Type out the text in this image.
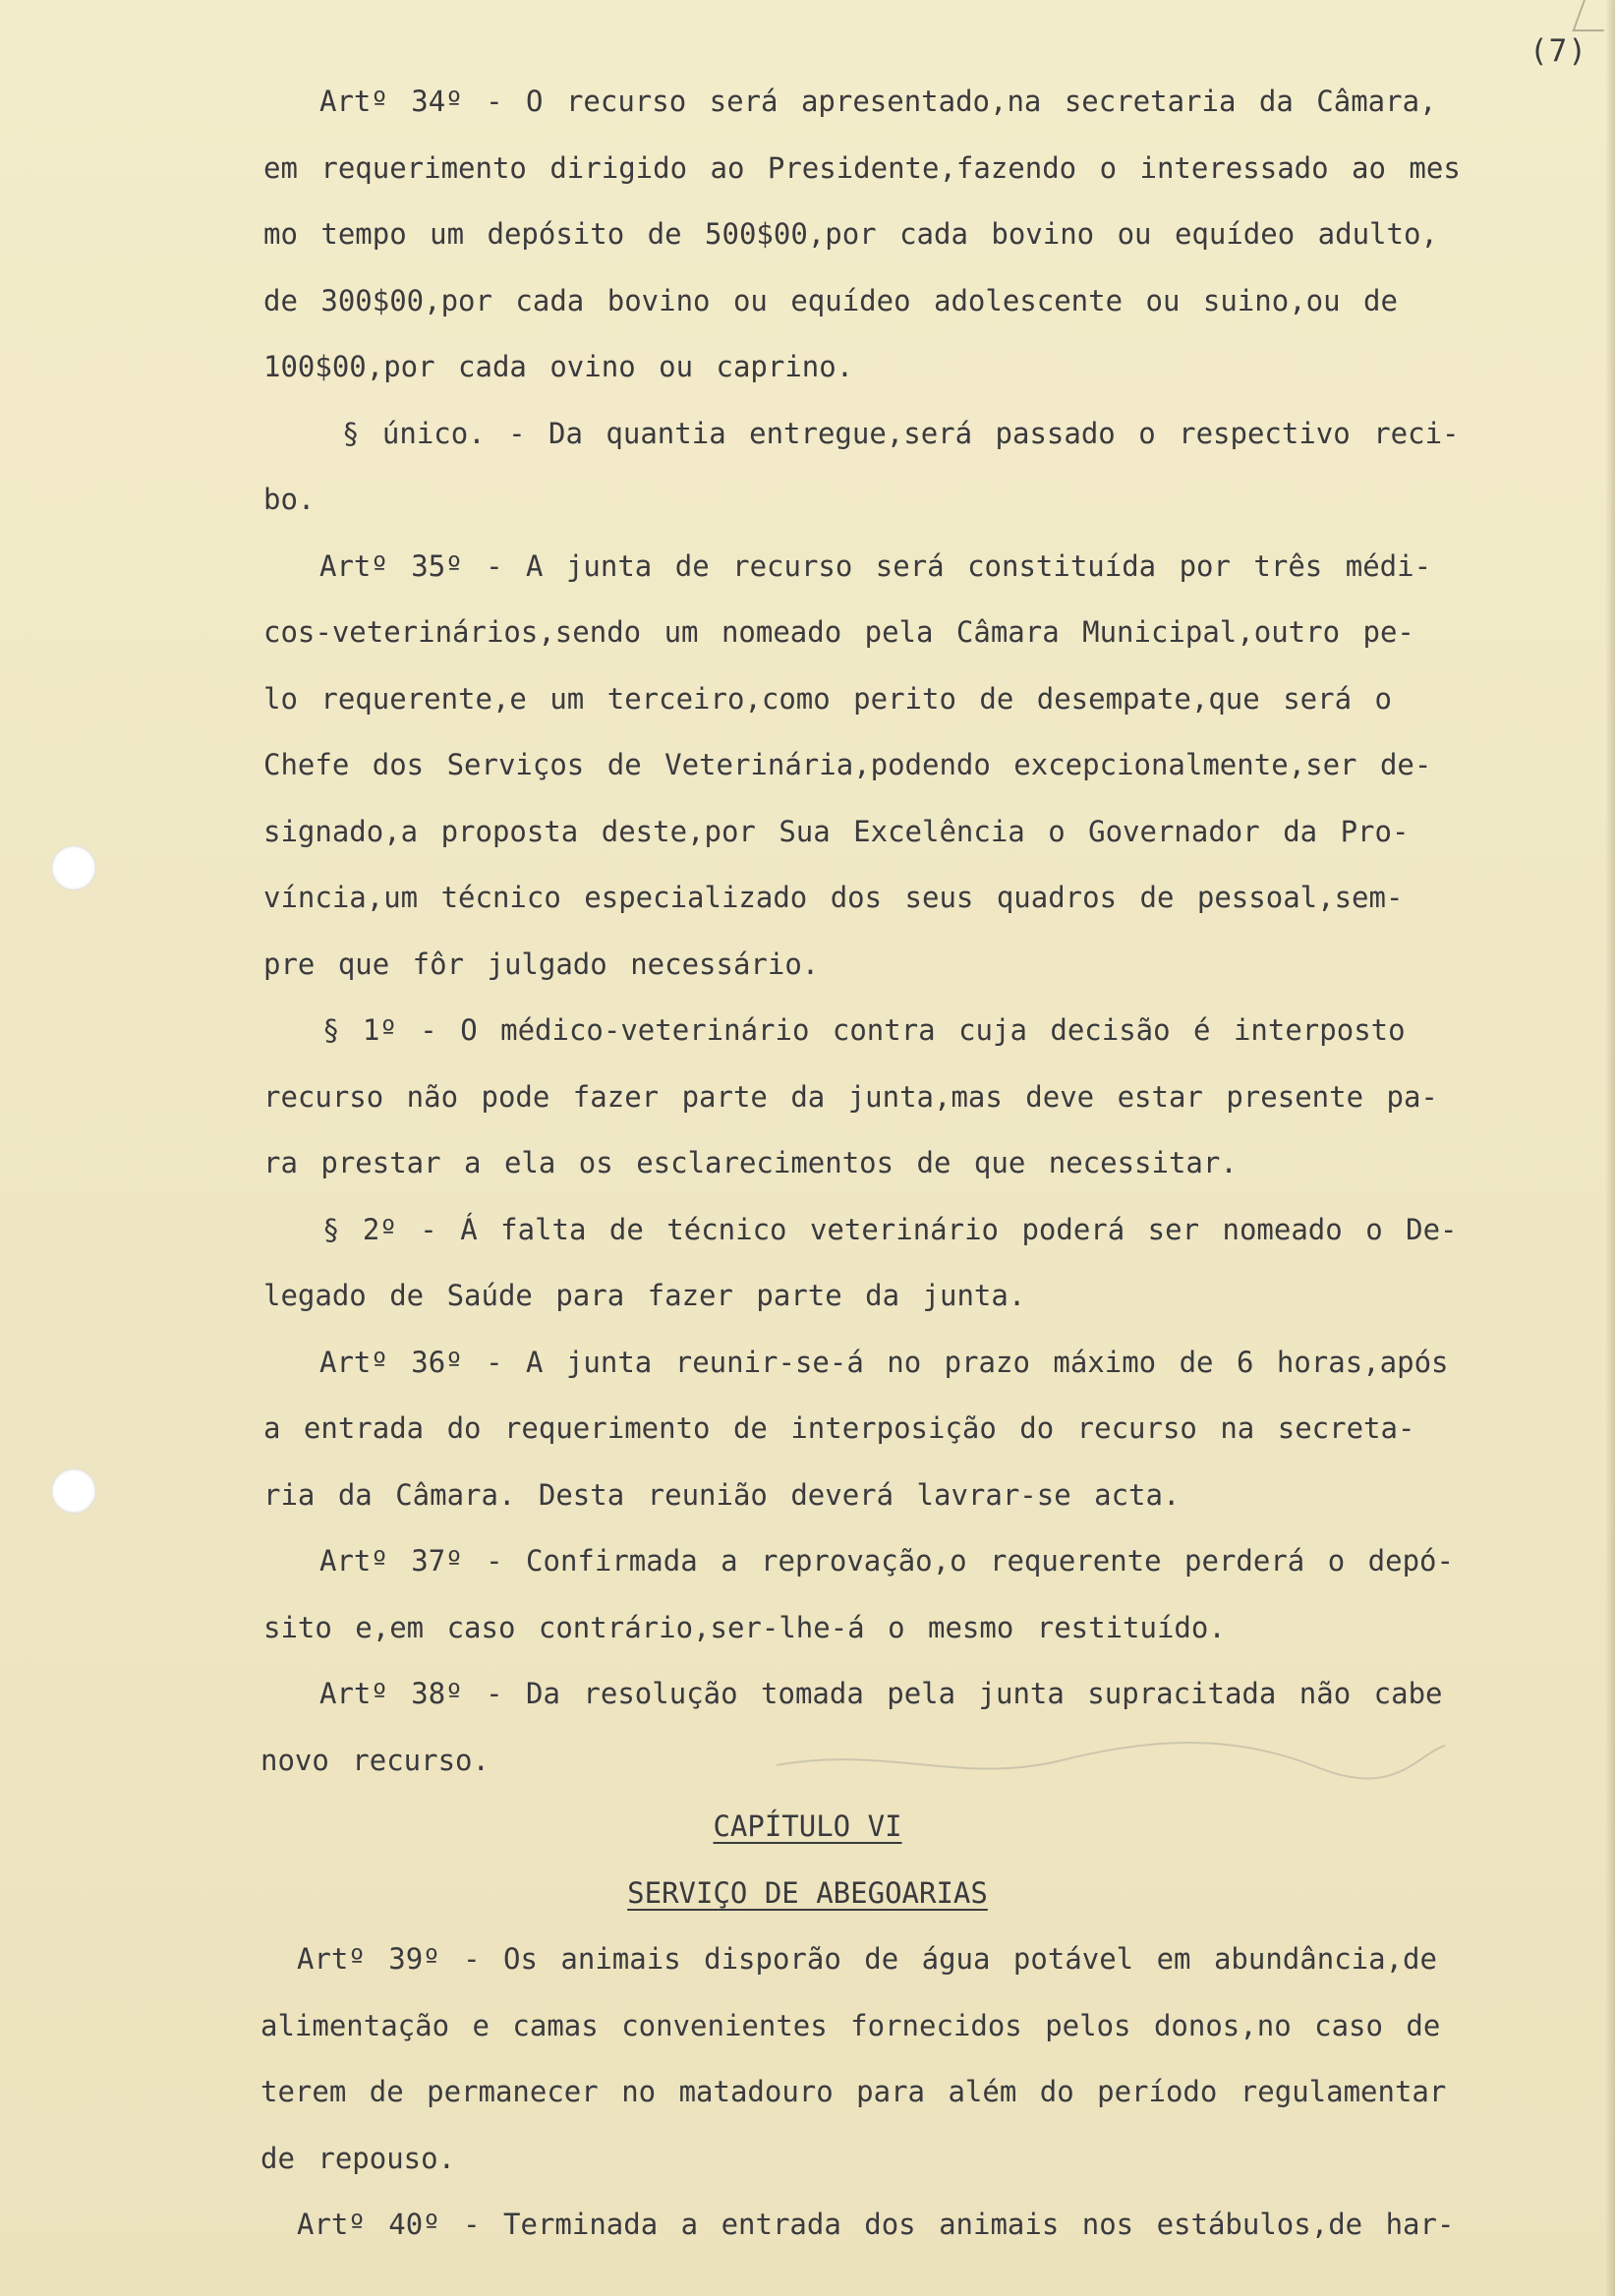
(7)
Artº 34º - O recurso será apresentado,na secretaria da Câmara,
em requerimento dirigido ao Presidente,fazendo o interessado ao mes
mo tempo um depósito de 500$00,por cada bovino ou equídeo adulto,
de 300$00,por cada bovino ou equídeo adolescente ou suino,ou de
100$00,por cada ovino ou caprino.
§ único. - Da quantia entregue,será passado o respectivo reci-
bo.
Artº 35º - A junta de recurso será constituída por três médi-
cos-veterinários,sendo um nomeado pela Câmara Municipal,outro pe-
lo requerente,e um terceiro,como perito de desempate,que será o
Chefe dos Serviços de Veterinária,podendo excepcionalmente,ser de-
signado,a proposta deste,por Sua Excelência o Governador da Pro-
víncia,um técnico especializado dos seus quadros de pessoal,sem-
pre que fôr julgado necessário.
§ 1º - O médico-veterinário contra cuja decisão é interposto
recurso não pode fazer parte da junta,mas deve estar presente pa-
ra prestar a ela os esclarecimentos de que necessitar.
§ 2º - Á falta de técnico veterinário poderá ser nomeado o De-
legado de Saúde para fazer parte da junta.
Artº 36º - A junta reunir-se-á no prazo máximo de 6 horas,após
a entrada do requerimento de interposição do recurso na secreta-
ria da Câmara. Desta reunião deverá lavrar-se acta.
Artº 37º - Confirmada a reprovação,o requerente perderá o depó-
sito e,em caso contrário,ser-lhe-á o mesmo restituído.
Artº 38º - Da resolução tomada pela junta supracitada não cabe
novo recurso.
CAPÍTULO VI
SERVIÇO DE ABEGOARIAS
Artº 39º - Os animais disporão de água potável em abundância,de
alimentação e camas convenientes fornecidos pelos donos,no caso de
terem de permanecer no matadouro para além do período regulamentar
de repouso.
Artº 40º - Terminada a entrada dos animais nos estábulos,de har-
